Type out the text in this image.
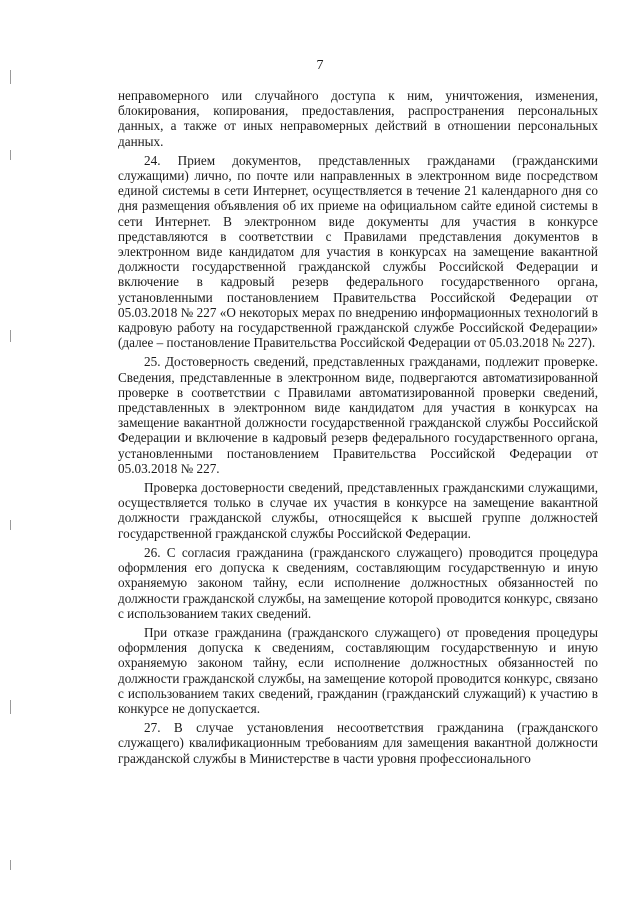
7

неправомерного или случайного доступа к ним, уничтожения, изменения, блокирования, копирования, предоставления, распространения персональных данных, а также от иных неправомерных действий в отношении персональных данных.

24. Прием документов, представленных гражданами (гражданскими служащими) лично, по почте или направленных в электронном виде посредством единой системы в сети Интернет, осуществляется в течение 21 календарного дня со дня размещения объявления об их приеме на официальном сайте единой системы в сети Интернет. В электронном виде документы для участия в конкурсе представляются в соответствии с Правилами представления документов в электронном виде кандидатом для участия в конкурсах на замещение вакантной должности государственной гражданской службы Российской Федерации и включение в кадровый резерв федерального государственного органа, установленными постановлением Правительства Российской Федерации от 05.03.2018 № 227 «О некоторых мерах по внедрению информационных технологий в кадровую работу на государственной гражданской службе Российской Федерации» (далее – постановление Правительства Российской Федерации от 05.03.2018 № 227).

25. Достоверность сведений, представленных гражданами, подлежит проверке. Сведения, представленные в электронном виде, подвергаются автоматизированной проверке в соответствии с Правилами автоматизированной проверки сведений, представленных в электронном виде кандидатом для участия в конкурсах на замещение вакантной должности государственной гражданской службы Российской Федерации и включение в кадровый резерв федерального государственного органа, установленными постановлением Правительства Российской Федерации от 05.03.2018 № 227.

Проверка достоверности сведений, представленных гражданскими служащими, осуществляется только в случае их участия в конкурсе на замещение вакантной должности гражданской службы, относящейся к высшей группе должностей государственной гражданской службы Российской Федерации.

26. С согласия гражданина (гражданского служащего) проводится процедура оформления его допуска к сведениям, составляющим государственную и иную охраняемую законом тайну, если исполнение должностных обязанностей по должности гражданской службы, на замещение которой проводится конкурс, связано с использованием таких сведений.

При отказе гражданина (гражданского служащего) от проведения процедуры оформления допуска к сведениям, составляющим государственную и иную охраняемую законом тайну, если исполнение должностных обязанностей по должности гражданской службы, на замещение которой проводится конкурс, связано с использованием таких сведений, гражданин (гражданский служащий) к участию в конкурсе не допускается.

27. В случае установления несоответствия гражданина (гражданского служащего) квалификационным требованиям для замещения вакантной должности гражданской службы в Министерстве в части уровня профессионального
